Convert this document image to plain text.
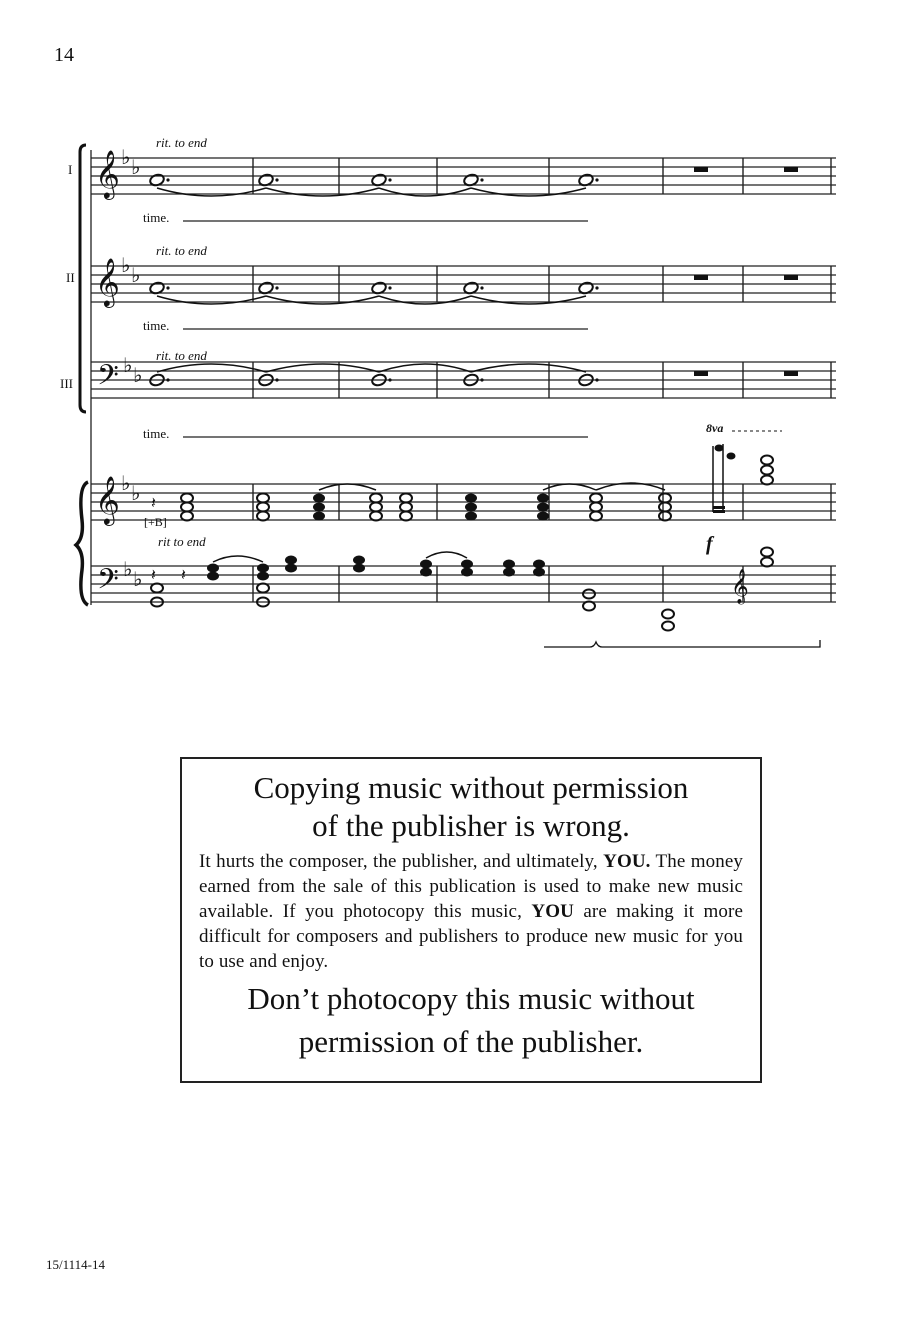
14
♭ ♭
𝄞
I
rit. to end
time.
𝄞
II
rit. to end
time.
𝄢
III
rit. to end
time.
𝄞 𝄽
8va
[+B]
rit to end	f
𝄢 𝄽 𝄽	𝄞
Copying music without permission
of the publisher is wrong.

It hurts the composer, the publisher, and ultimately, YOU. The money earned from the sale of this publication is used to make new music available. If you photocopy this music, YOU are making it more difficult for composers and publishers to produce new music for you to use and enjoy.

Don’t photocopy this music without
permission of the publisher.
15/1114-14
